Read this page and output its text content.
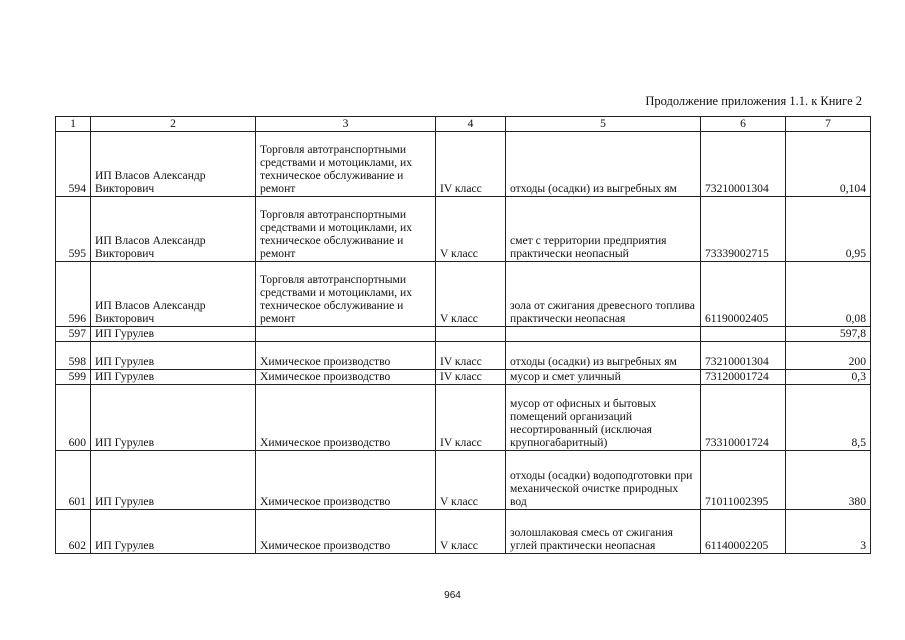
Продолжение приложения 1.1. к Книге 2
1	2	3	4	5	6	7
594	ИП Власов Александр Викторович	Торговля автотранспортными средствами и мотоциклами, их техническое обслуживание и ремонт	IV класс	отходы (осадки) из выгребных ям	73210001304	0,104
595	ИП Власов Александр Викторович	Торговля автотранспортными средствами и мотоциклами, их техническое обслуживание и ремонт	V класс	смет с территории предприятия практически неопасный	73339002715	0,95
596	ИП Власов Александр Викторович	Торговля автотранспортными средствами и мотоциклами, их техническое обслуживание и ремонт	V класс	зола от сжигания древесного топлива практически неопасная	61190002405	0,08
597	ИП Гурулев					597,8
598	ИП Гурулев	Химическое производство	IV класс	отходы (осадки) из выгребных ям	73210001304	200
599	ИП Гурулев	Химическое производство	IV класс	мусор и смет уличный	73120001724	0,3
600	ИП Гурулев	Химическое производство	IV класс	мусор от офисных и бытовых помещений организаций несортированный (исключая крупногабаритный)	73310001724	8,5
601	ИП Гурулев	Химическое производство	V класс	отходы (осадки) водоподготовки при механической очистке природных вод	71011002395	380
602	ИП Гурулев	Химическое производство	V класс	золошлаковая смесь от сжигания углей практически неопасная	61140002205	3
964
